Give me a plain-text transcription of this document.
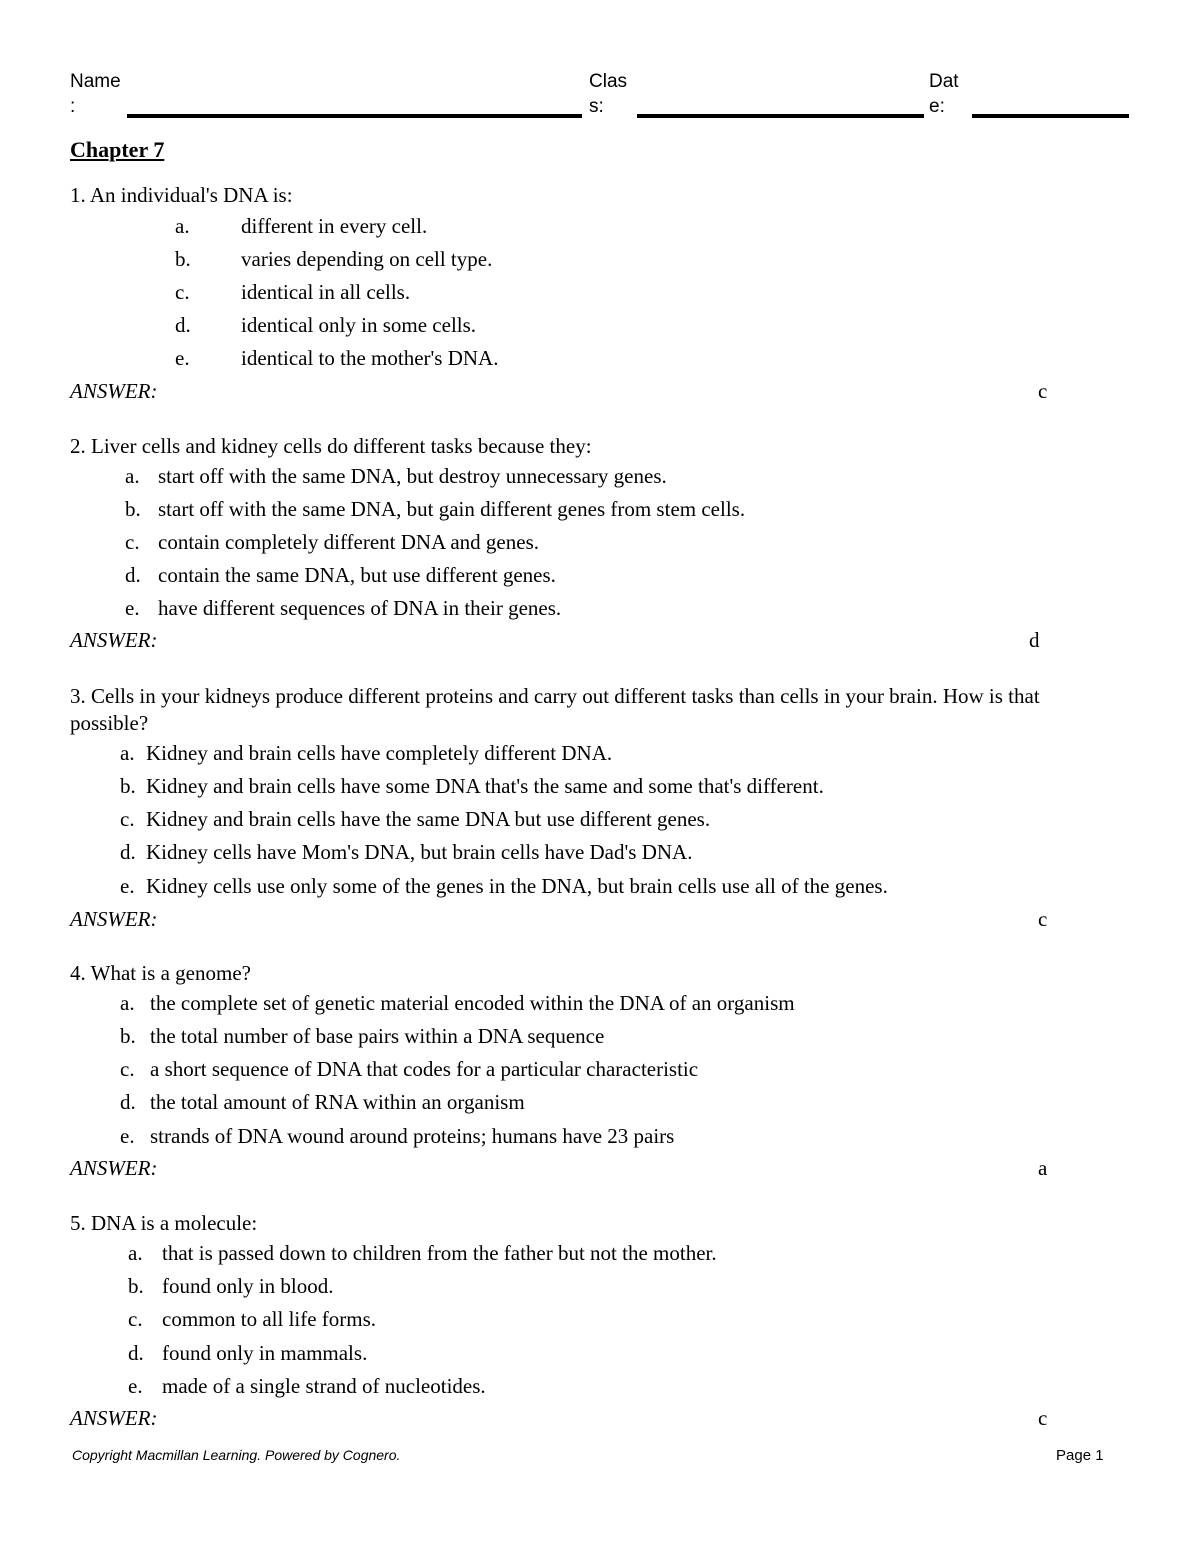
Name
:
Clas
s:
Dat
e:
Chapter 7
1. An individual's DNA is:
a. different in every cell.
b. varies depending on cell type.
c. identical in all cells.
d. identical only in some cells.
e. identical to the mother's DNA.
ANSWER:	c
2. Liver cells and kidney cells do different tasks because they:
a. start off with the same DNA, but destroy unnecessary genes.
b. start off with the same DNA, but gain different genes from stem cells.
c. contain completely different DNA and genes.
d. contain the same DNA, but use different genes.
e. have different sequences of DNA in their genes.
ANSWER:	d
3. Cells in your kidneys produce different proteins and carry out different tasks than cells in your brain. How is that possible?
a. Kidney and brain cells have completely different DNA.
b. Kidney and brain cells have some DNA that's the same and some that's different.
c. Kidney and brain cells have the same DNA but use different genes.
d. Kidney cells have Mom's DNA, but brain cells have Dad's DNA.
e. Kidney cells use only some of the genes in the DNA, but brain cells use all of the genes.
ANSWER:	c
4. What is a genome?
a. the complete set of genetic material encoded within the DNA of an organism
b. the total number of base pairs within a DNA sequence
c. a short sequence of DNA that codes for a particular characteristic
d. the total amount of RNA within an organism
e. strands of DNA wound around proteins; humans have 23 pairs
ANSWER:	a
5. DNA is a molecule:
a. that is passed down to children from the father but not the mother.
b. found only in blood.
c. common to all life forms.
d. found only in mammals.
e. made of a single strand of nucleotides.
ANSWER:	c
Copyright Macmillan Learning. Powered by Cognero.	Page 1
